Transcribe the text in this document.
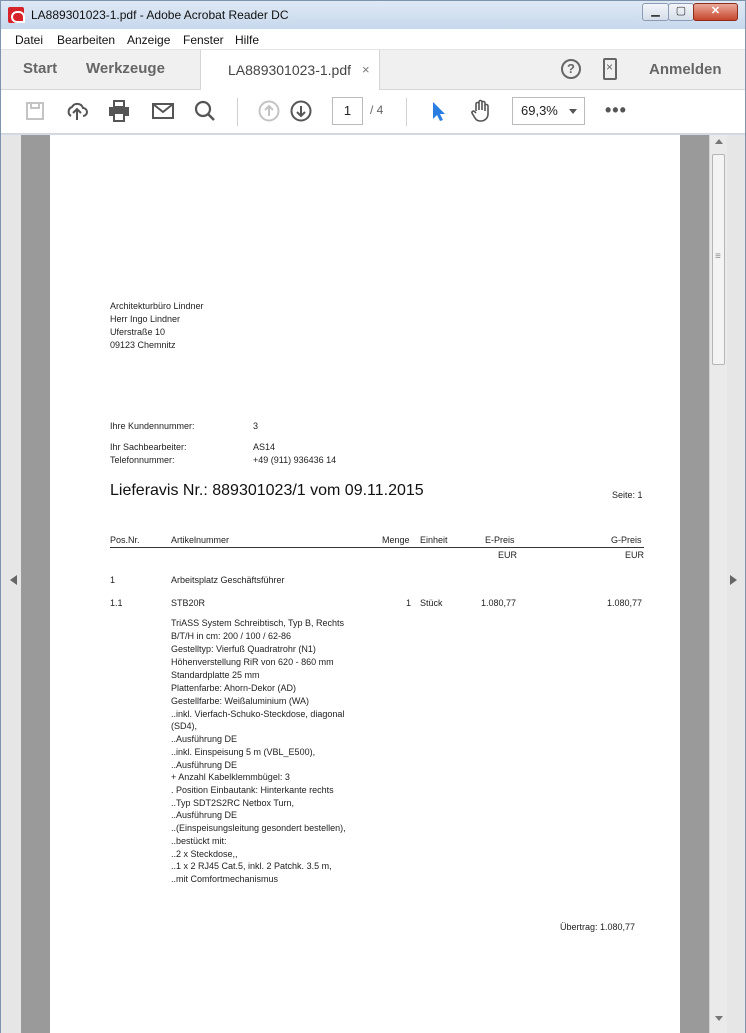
LA889301023-1.pdf - Adobe Acrobat Reader DC	▁	▢	✕
Datei Bearbeiten Anzeige Fenster Hilfe
Start Werkzeuge	LA889301023-1.pdf ×	?
×	Anmelden
1	/ 4	69,3%	•••
≡
Architekturbüro Lindner
Herr Ingo Lindner
Uferstraße 10
09123 Chemnitz
Ihre Kundennummer:	3
Ihr Sachbearbeiter:	AS14
Telefonnummer:	+49 (911) 936436 14
Lieferavis Nr.: 889301023/1 vom 09.11.2015	Seite: 1
Pos.Nr.	Artikelnummer	Menge Einheit	E-Preis	G-Preis
EUR	EUR
1	Arbeitsplatz Geschäftsführer
1.1	STB20R	1 Stück	1.080,77	1.080,77
TriASS System Schreibtisch, Typ B, Rechts
B/T/H in cm: 200 / 100 / 62-86
Gestelltyp: Vierfuß Quadratrohr (N1)
Höhenverstellung RiR von 620 - 860 mm
Standardplatte 25 mm
Plattenfarbe: Ahorn-Dekor (AD)
Gestellfarbe: Weißaluminium (WA)
..inkl. Vierfach-Schuko-Steckdose, diagonal
(SD4),
..Ausführung DE
..inkl. Einspeisung 5 m (VBL_E500),
..Ausführung DE
+ Anzahl Kabelklemmbügel: 3
. Position Einbautank: Hinterkante rechts
..Typ SDT2S2RC Netbox Turn,
..Ausführung DE
..(Einspeisungsleitung gesondert bestellen),
..bestückt mit:
..2 x Steckdose,,
..1 x 2 RJ45 Cat.5, inkl. 2 Patchk. 3.5 m,
..mit Comfortmechanismus
Übertrag: 1.080,77
